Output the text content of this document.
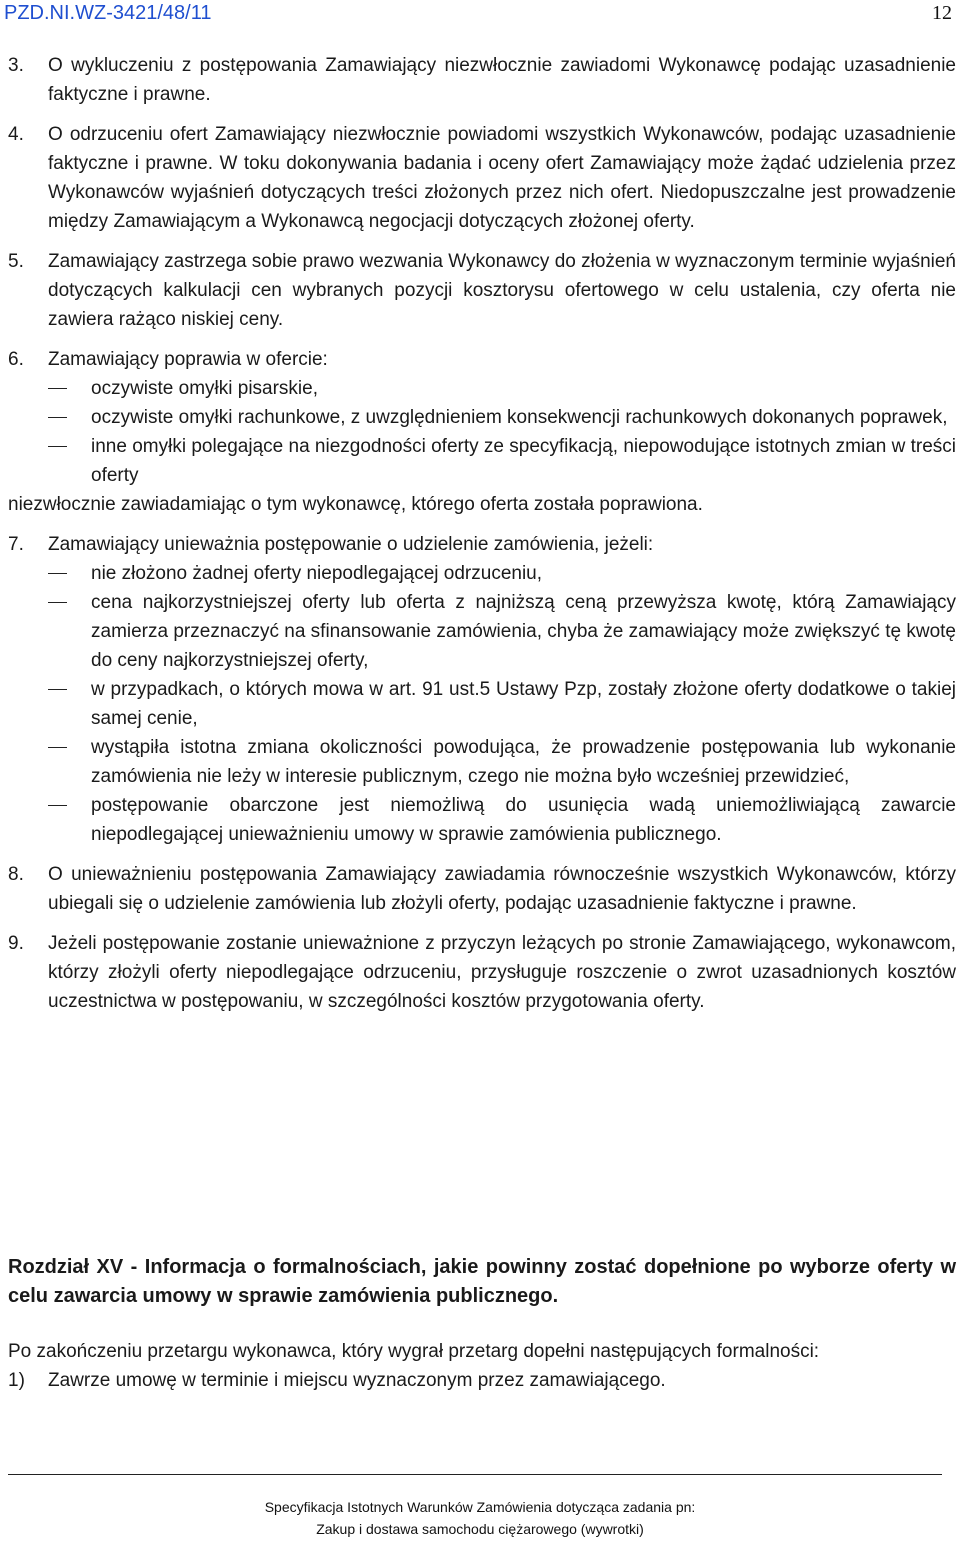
PZD.NI.WZ-3421/48/11	12
3. O wykluczeniu z postępowania Zamawiający niezwłocznie zawiadomi Wykonawcę podając uzasadnienie faktyczne i prawne.
4. O odrzuceniu ofert Zamawiający niezwłocznie powiadomi wszystkich Wykonawców, podając uzasadnienie faktyczne i prawne. W toku dokonywania badania i oceny ofert Zamawiający może żądać udzielenia przez Wykonawców wyjaśnień dotyczących treści złożonych przez nich ofert. Niedopuszczalne jest prowadzenie między Zamawiającym a Wykonawcą negocjacji dotyczących złożonej oferty.
5. Zamawiający zastrzega sobie prawo wezwania Wykonawcy do złożenia w wyznaczonym terminie wyjaśnień dotyczących kalkulacji cen wybranych pozycji kosztorysu ofertowego w celu ustalenia, czy oferta nie zawiera rażąco niskiej ceny.
6. Zamawiający poprawia w ofercie:
oczywiste omyłki pisarskie,
oczywiste omyłki rachunkowe, z uwzględnieniem konsekwencji rachunkowych dokonanych poprawek,
inne omyłki polegające na niezgodności oferty ze specyfikacją, niepowodujące istotnych zmian w treści oferty
niezwłocznie zawiadamiając o tym wykonawcę, którego oferta została poprawiona.
7. Zamawiający unieważnia postępowanie o udzielenie zamówienia, jeżeli:
nie złożono żadnej oferty niepodlegającej odrzuceniu,
cena najkorzystniejszej oferty lub oferta z najniższą ceną przewyższa kwotę, którą Zamawiający zamierza przeznaczyć na sfinansowanie zamówienia, chyba że zamawiający może zwiększyć tę kwotę do ceny najkorzystniejszej oferty,
w przypadkach, o których mowa w art. 91 ust.5 Ustawy Pzp, zostały złożone oferty dodatkowe o takiej samej cenie,
wystąpiła istotna zmiana okoliczności powodująca, że prowadzenie postępowania lub wykonanie zamówienia nie leży w interesie publicznym, czego nie można było wcześniej przewidzieć,
postępowanie obarczone jest niemożliwą do usunięcia wadą uniemożliwiającą zawarcie niepodlegającej unieważnieniu umowy w sprawie zamówienia publicznego.
8. O unieważnieniu postępowania Zamawiający zawiadamia równocześnie wszystkich Wykonawców, którzy ubiegali się o udzielenie zamówienia lub złożyli oferty, podając uzasadnienie faktyczne i prawne.
9. Jeżeli postępowanie zostanie unieważnione z przyczyn leżących po stronie Zamawiającego, wykonawcom, którzy złożyli oferty niepodlegające odrzuceniu, przysługuje roszczenie o zwrot uzasadnionych kosztów uczestnictwa w postępowaniu, w szczególności kosztów przygotowania oferty.
Rozdział XV - Informacja o formalnościach, jakie powinny zostać dopełnione po wyborze oferty w celu zawarcia umowy w sprawie zamówienia publicznego.
Po zakończeniu przetargu wykonawca, który wygrał przetarg dopełni następujących formalności:
1) Zawrze umowę w terminie i miejscu wyznaczonym przez zamawiającego.
Specyfikacja Istotnych Warunków Zamówienia dotycząca zadania pn:
Zakup i dostawa samochodu ciężarowego (wywrotki)
